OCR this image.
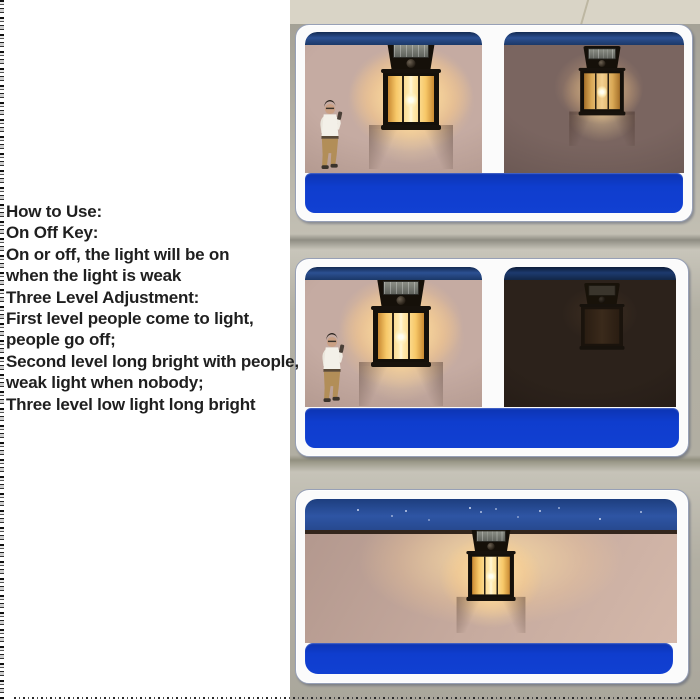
How to Use:
On Off Key:
On or off, the light will be on
when the light is weak
Three Level Adjustment:
First level people come to light,
people go off;
Second level long bright with people,
weak light when nobody;
Three level low light long bright
